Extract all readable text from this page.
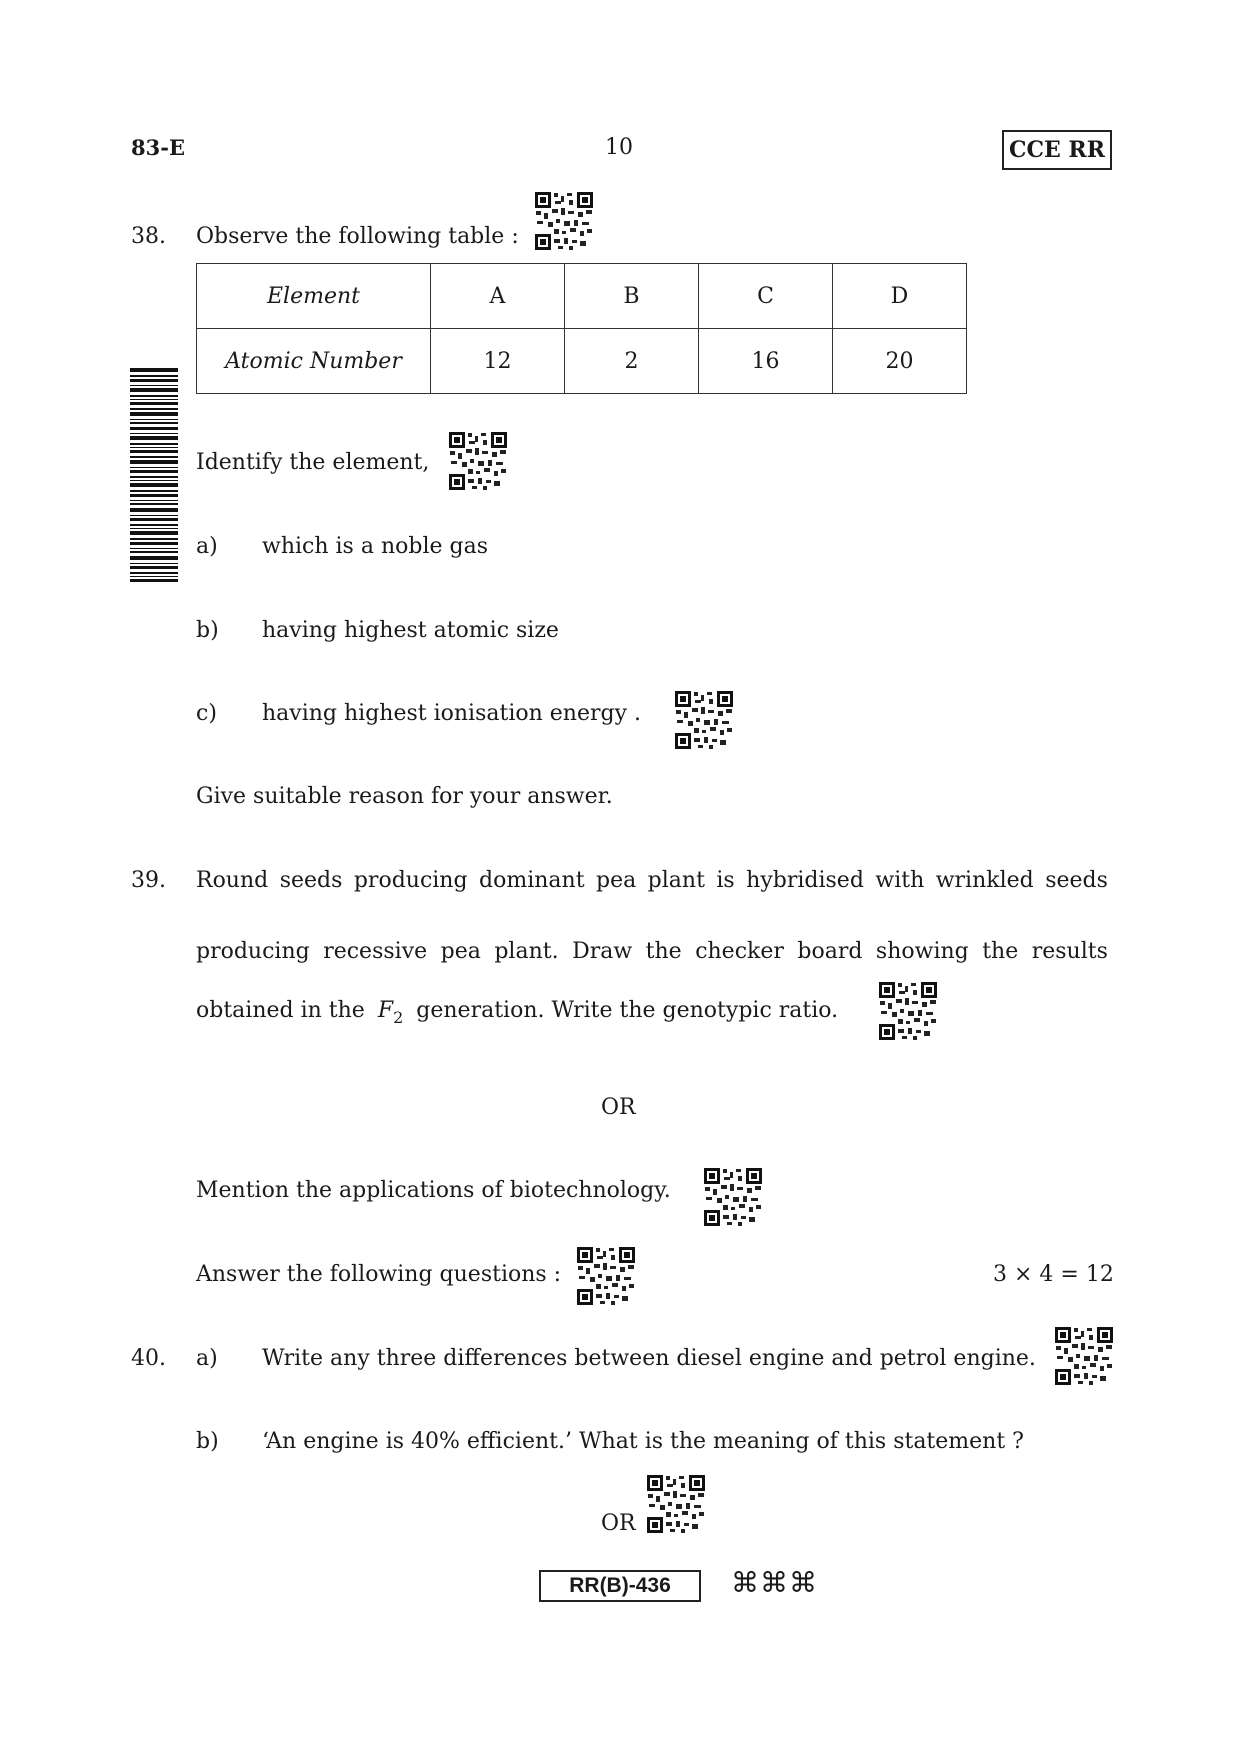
83-E	10	CCE RR
38. Observe the following table :
Element	A	B	C	D
Atomic Number	12	2	16	20
Identify the element,
a) which is a noble gas
b) having highest atomic size
c) having highest ionisation energy .
Give suitable reason for your answer.
39. Round seeds producing dominant pea plant is hybridised with wrinkled seeds
producing recessive pea plant. Draw the checker board showing the results
obtained in the $F_2$ generation. Write the genotypic ratio.
OR
Mention the applications of biotechnology.
Answer the following questions :	3 × 4 = 12
40. a) Write any three differences between diesel engine and petrol engine.
b) ‘An engine is 40% efficient.’ What is the meaning of this statement ?
OR
RR(B)-436	⌘⌘⌘
